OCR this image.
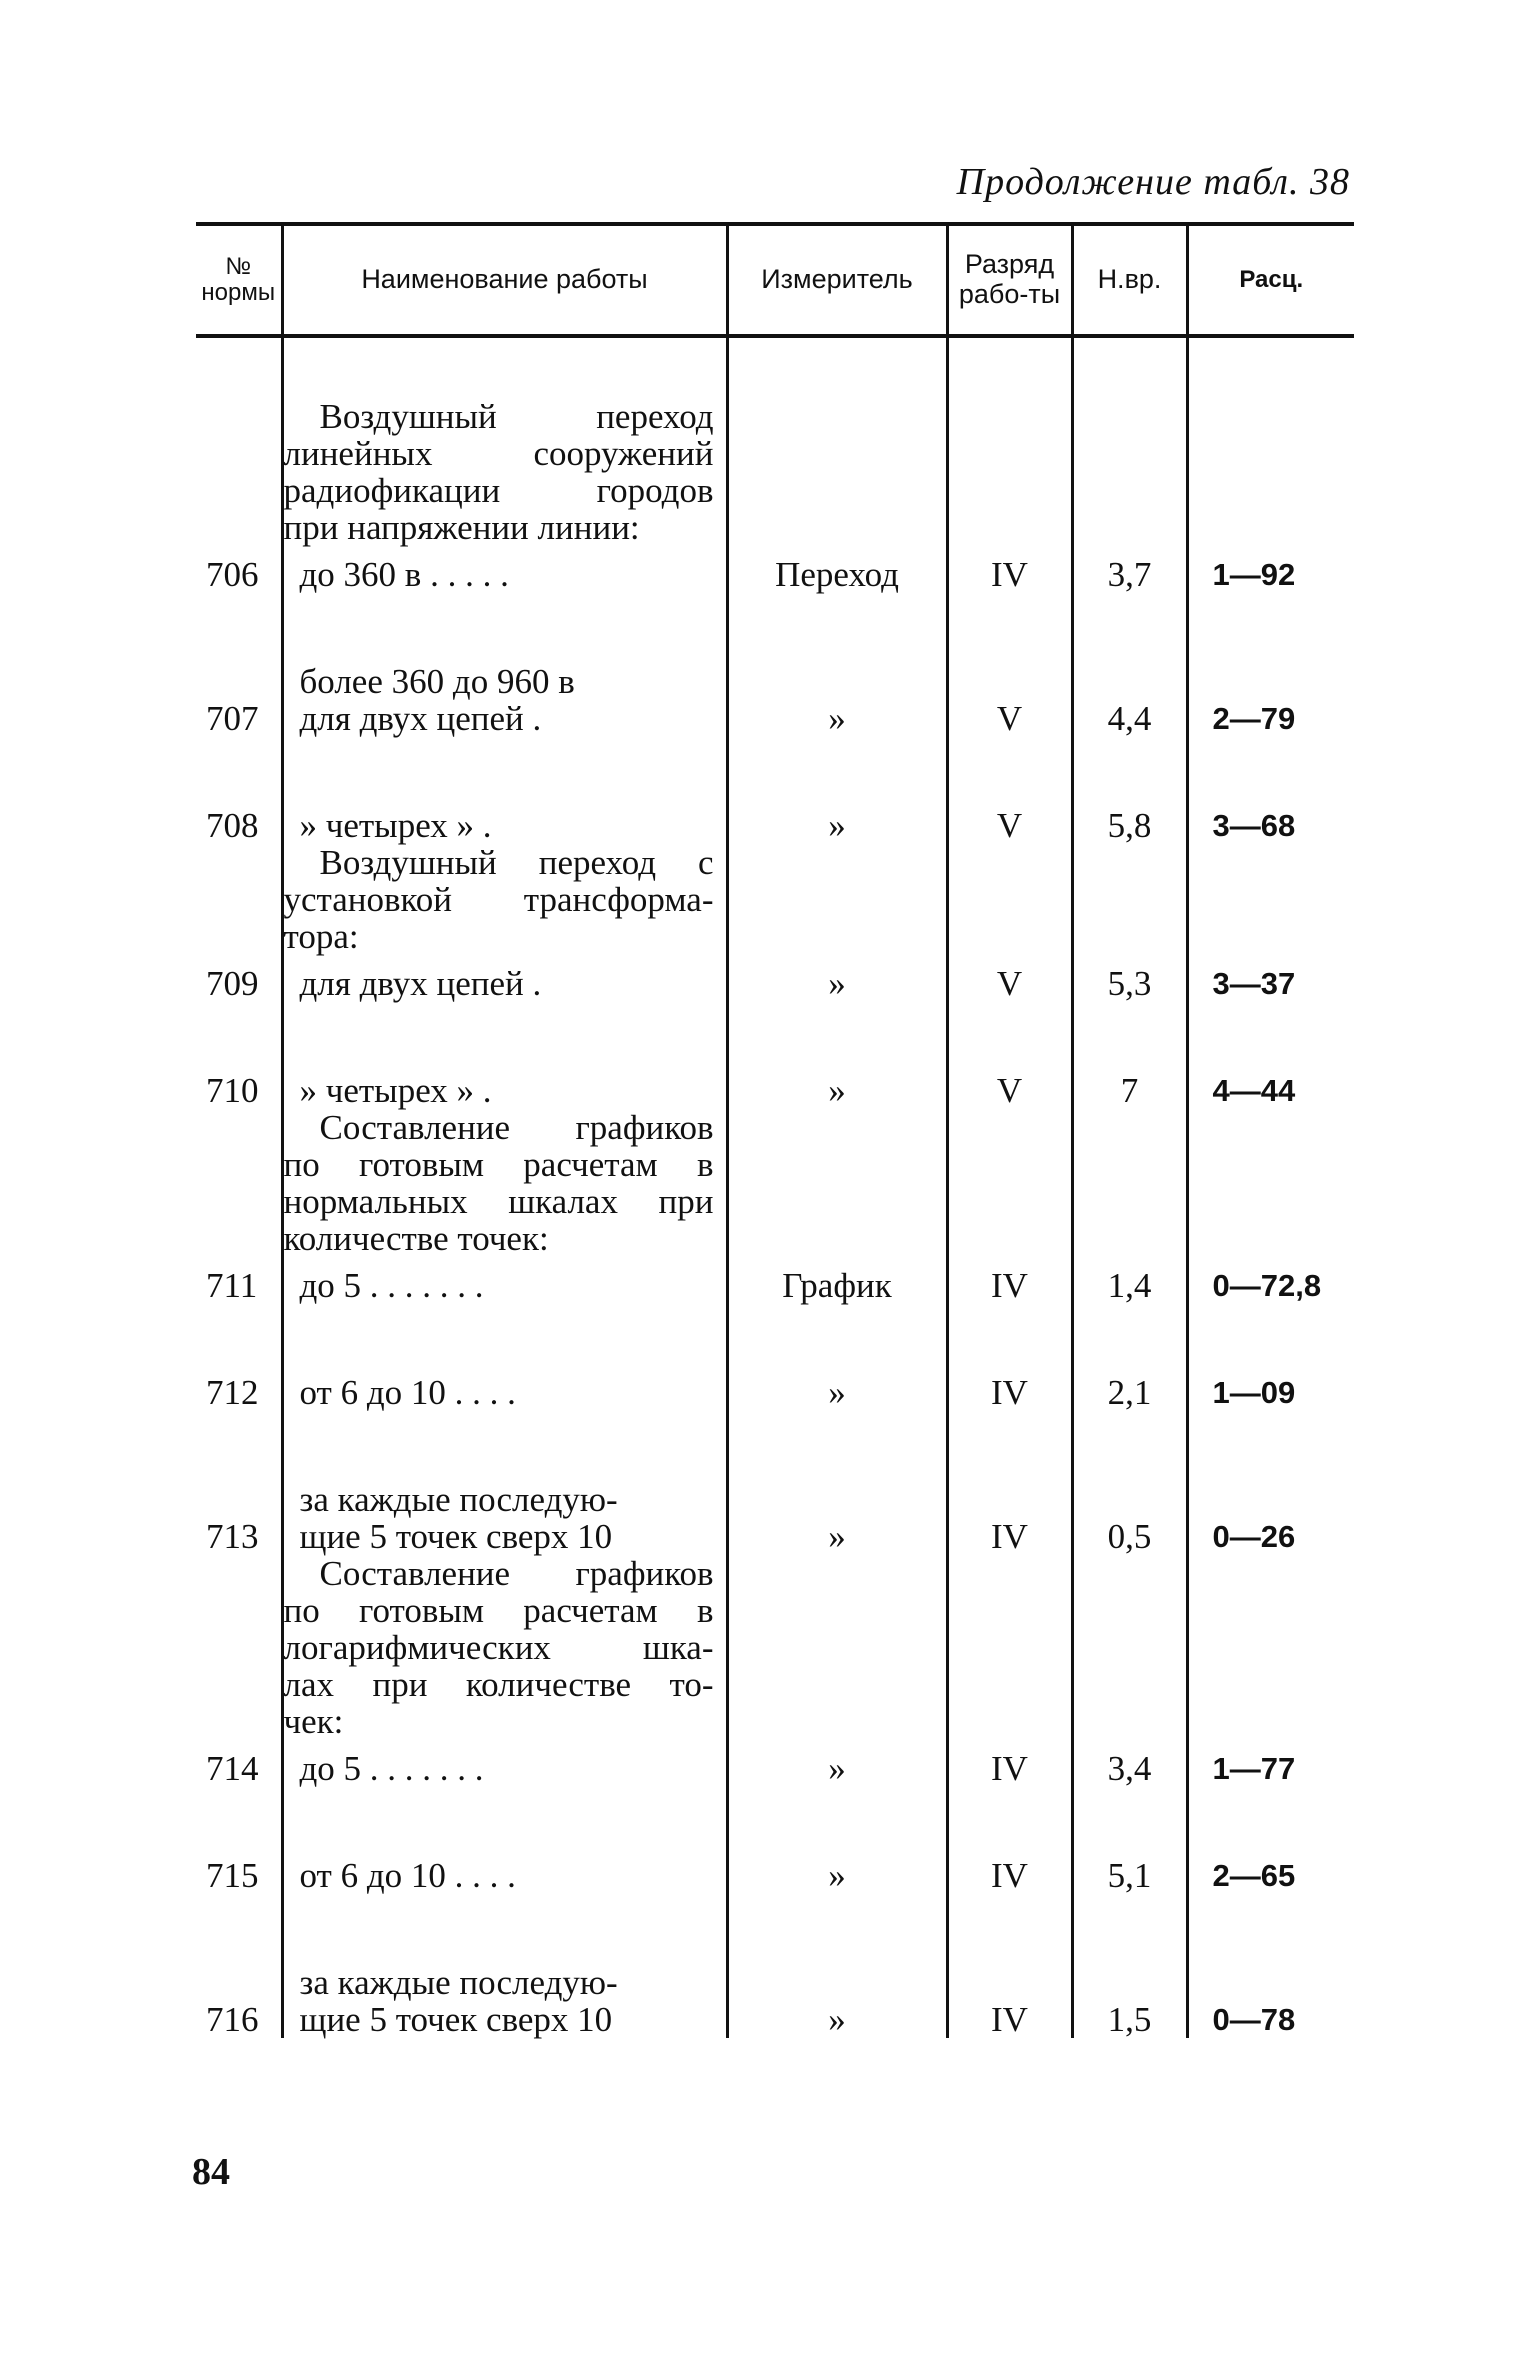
Продолжение табл. 38
№ нормы	Наименование работы	Измеритель	Разряд рабо-ты	Н.вр.	Расц.

	Воздушный переход
линейных сооружений
радиофикации городов
при напряжении линии:				

706	до 360 в . . . . .	Переход	IV	3,7	1—92
707	более 360 до 960 в
для двух цепей .	»	V	4,4	2—79
708	» четырех » .	»	V	5,8	3—68

	Воздушный переход с
установкой трансформа-
тора:				

709	для двух цепей .	»	V	5,3	3—37
710	» четырех » .	»	V	7	4—44

	Составление графиков
по готовым расчетам в
нормальных шкалах при
количестве точек:				

711	до 5 . . . . . . .	График	IV	1,4	0—72,8
712	от 6 до 10 . . . .	»	IV	2,1	1—09
713	за каждые последую-
щие 5 точек сверх 10	»	IV	0,5	0—26

	Составление графиков
по готовым расчетам в
логарифмических шка-
лах при количестве то-
чек:				

714	до 5 . . . . . . .	»	IV	3,4	1—77
715	от 6 до 10 . . . .	»	IV	5,1	2—65
716	за каждые последую-
щие 5 точек сверх 10	»	IV	1,5	0—78
84
